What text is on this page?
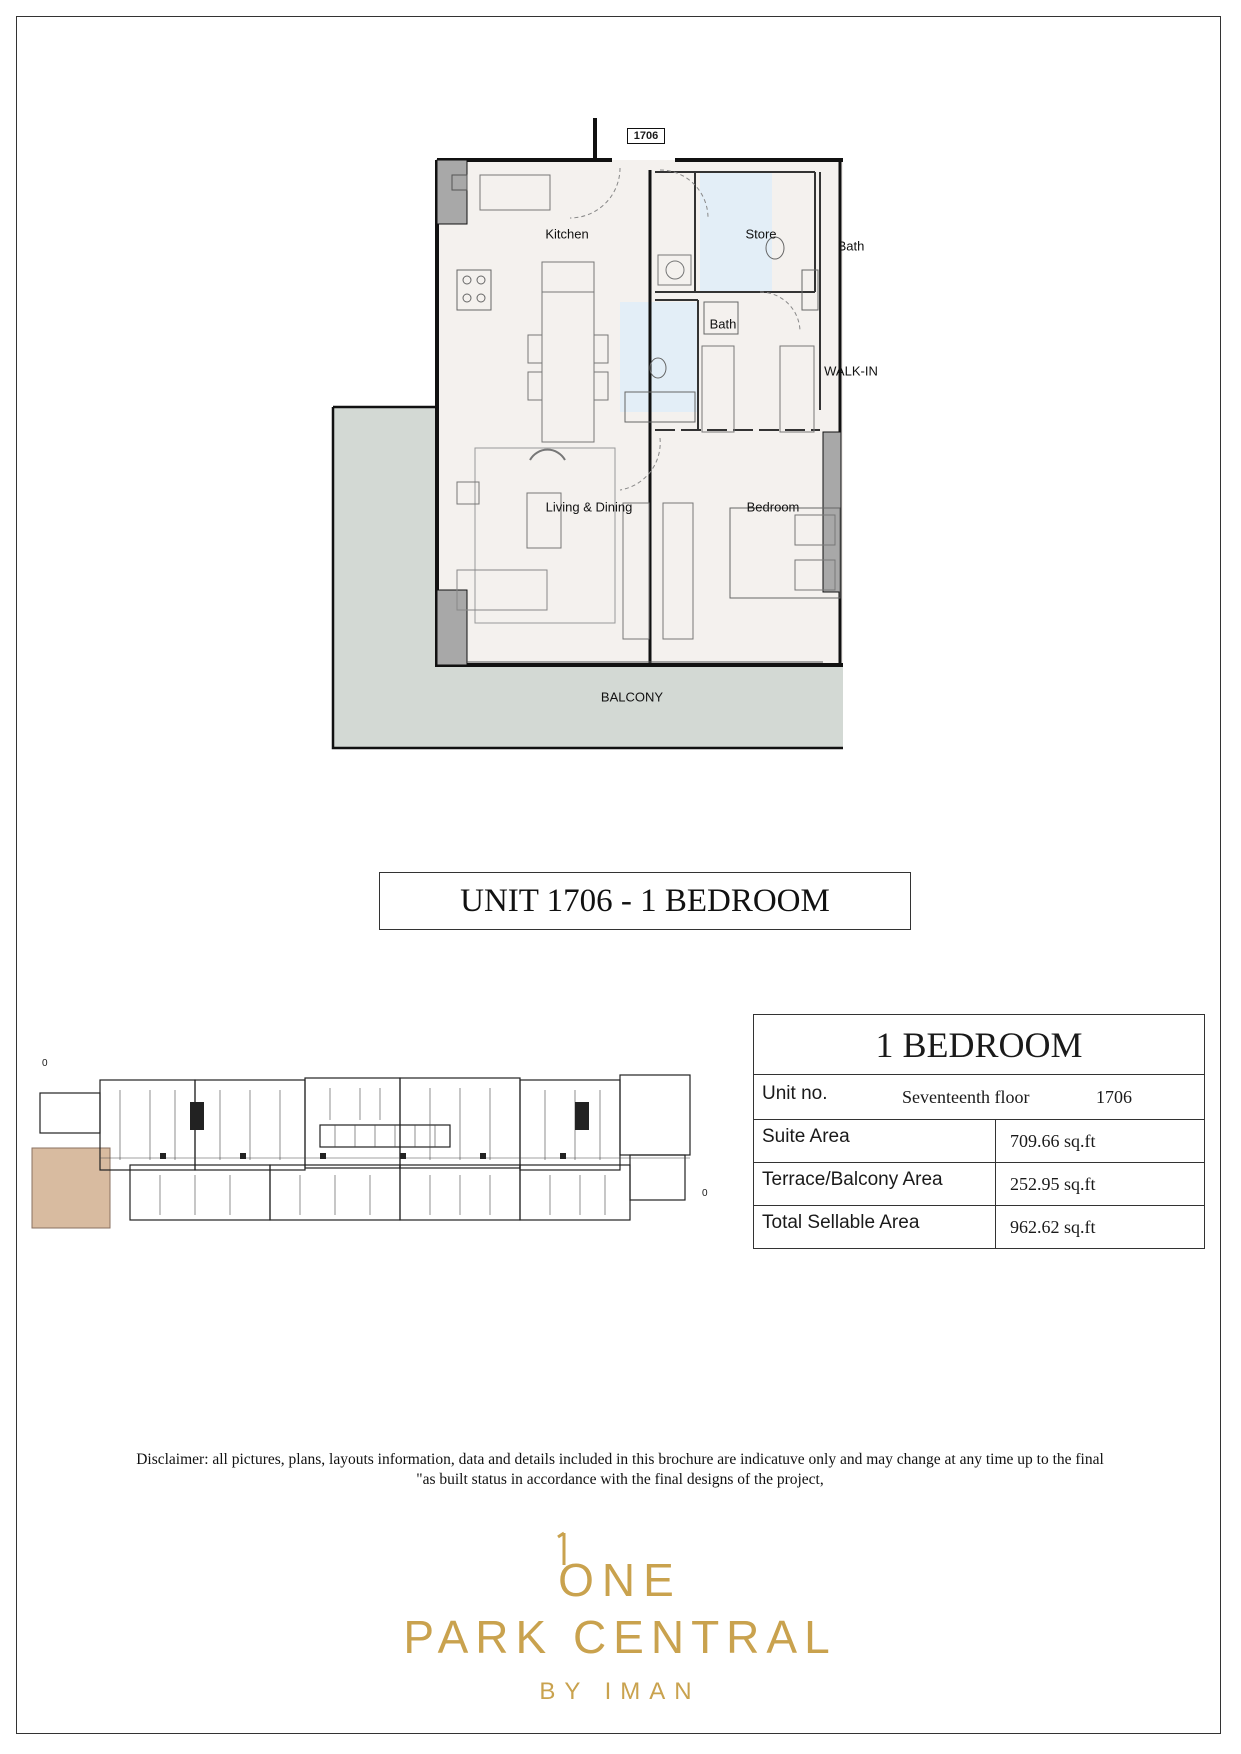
1706
Kitchen	Store
Bath
Bath
WALK-IN
Living & Dining	Bedroom
BALCONY
UNIT 1706 - 1 BEDROOM
0
0
1 BEDROOM	

Unit no. Seventeenth floor 1706	

Suite Area	709.66 sq.ft
Terrace/Balcony Area	252.95 sq.ft
Total Sellable Area	962.62 sq.ft
Disclaimer: all pictures, plans, layouts information, data and details included in this brochure are indicatuve only and may change at any time up to the final
"as built status in accordance with the final designs of the project,
ONE
PARK CENTRAL
BY IMAN
